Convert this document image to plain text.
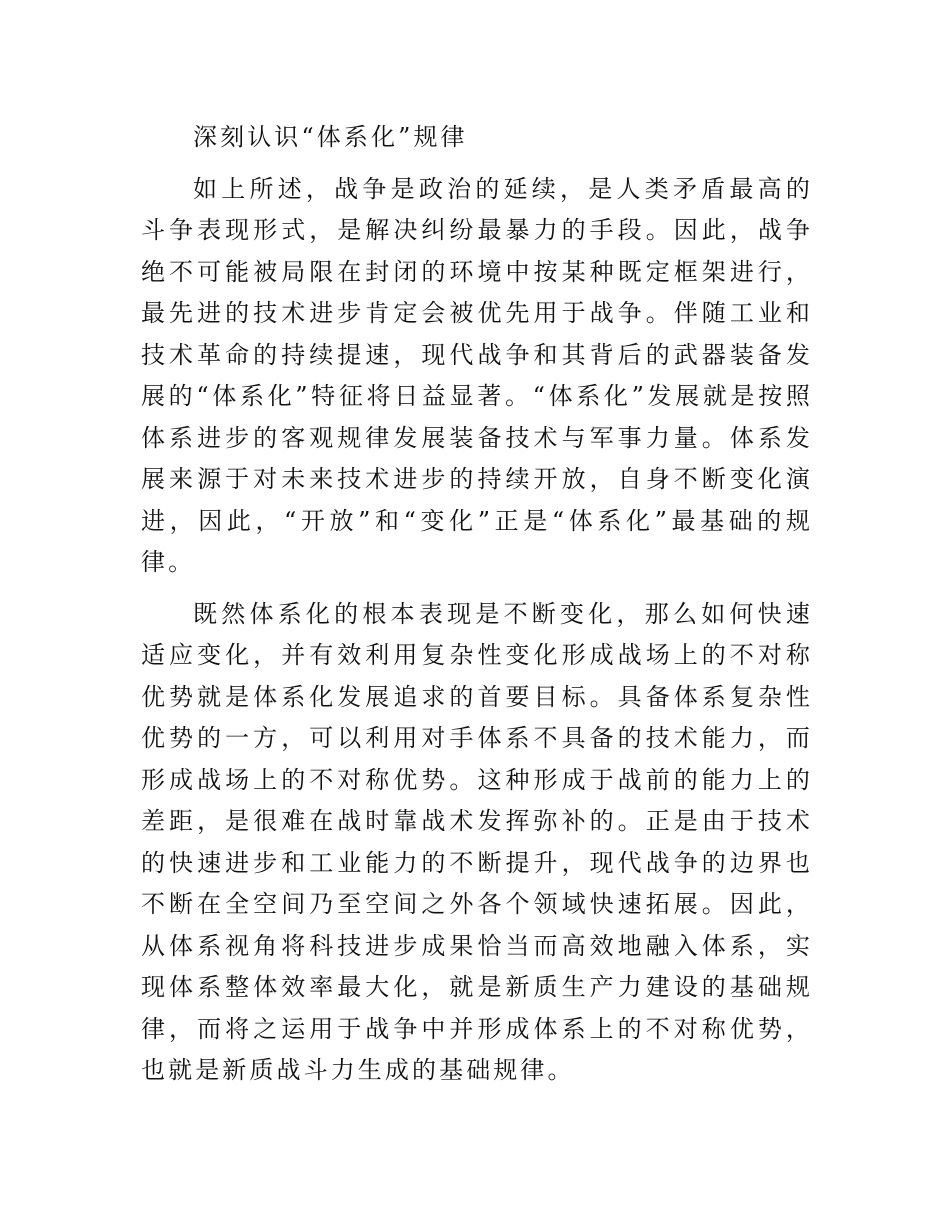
深刻认识“体系化”规律

如上所述，战争是政治的延续，是人类矛盾最高的斗争表现形式，是解决纠纷最暴力的手段。因此，战争绝不可能被局限在封闭的环境中按某种既定框架进行，最先进的技术进步肯定会被优先用于战争。伴随工业和技术革命的持续提速，现代战争和其背后的武器装备发展的“体系化”特征将日益显著。“体系化”发展就是按照体系进步的客观规律发展装备技术与军事力量。体系发展来源于对未来技术进步的持续开放，自身不断变化演进，因此，“开放”和“变化”正是“体系化”最基础的规律。

既然体系化的根本表现是不断变化，那么如何快速适应变化，并有效利用复杂性变化形成战场上的不对称优势就是体系化发展追求的首要目标。具备体系复杂性优势的一方，可以利用对手体系不具备的技术能力，而形成战场上的不对称优势。这种形成于战前的能力上的差距，是很难在战时靠战术发挥弥补的。正是由于技术的快速进步和工业能力的不断提升，现代战争的边界也不断在全空间乃至空间之外各个领域快速拓展。因此，从体系视角将科技进步成果恰当而高效地融入体系，实现体系整体效率最大化，就是新质生产力建设的基础规律，而将之运用于战争中并形成体系上的不对称优势，也就是新质战斗力生成的基础规律。
